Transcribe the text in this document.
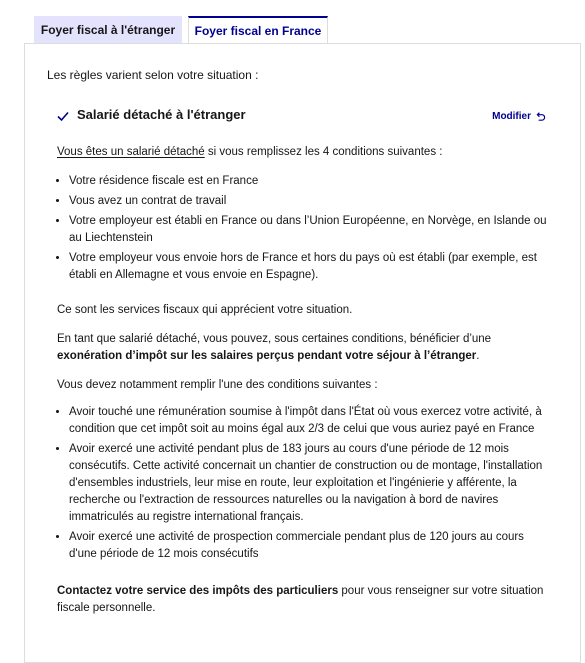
Foyer fiscal à l'étranger	Foyer fiscal en France

Les règles varient selon votre situation :

Salarié détaché à l'étranger	Modifier

Vous êtes un salarié détaché si vous remplissez les 4 conditions suivantes :

• Votre résidence fiscale est en France
• Vous avez un contrat de travail
• Votre employeur est établi en France ou dans l’Union Européenne, en Norvège, en Islande ou au Liechtenstein
• Votre employeur vous envoie hors de France et hors du pays où est établi (par exemple, est établi en Allemagne et vous envoie en Espagne).

Ce sont les services fiscaux qui apprécient votre situation.

En tant que salarié détaché, vous pouvez, sous certaines conditions, bénéficier d’une exonération d’impôt sur les salaires perçus pendant votre séjour à l’étranger.

Vous devez notamment remplir l'une des conditions suivantes :

• Avoir touché une rémunération soumise à l'impôt dans l'État où vous exercez votre activité, à condition que cet impôt soit au moins égal aux 2/3 de celui que vous auriez payé en France
• Avoir exercé une activité pendant plus de 183 jours au cours d'une période de 12 mois consécutifs. Cette activité concernait un chantier de construction ou de montage, l'installation d'ensembles industriels, leur mise en route, leur exploitation et l'ingénierie y afférente, la recherche ou l'extraction de ressources naturelles ou la navigation à bord de navires immatriculés au registre international français.
• Avoir exercé une activité de prospection commerciale pendant plus de 120 jours au cours d'une période de 12 mois consécutifs

Contactez votre service des impôts des particuliers pour vous renseigner sur votre situation fiscale personnelle.
